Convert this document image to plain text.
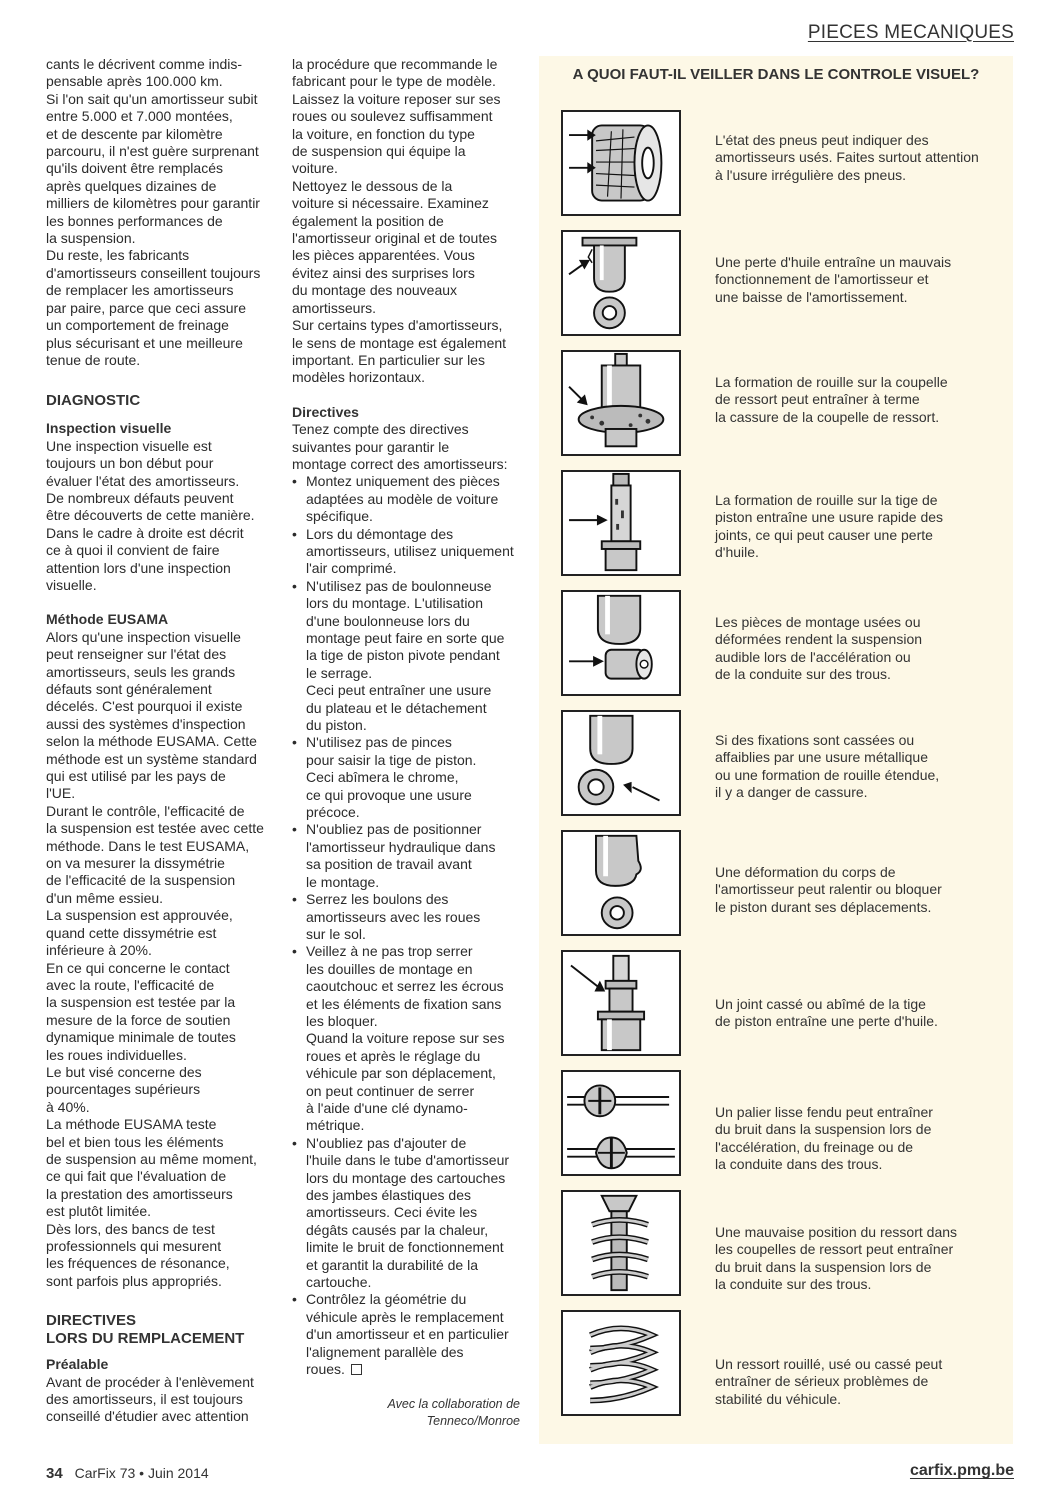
PIECES MECANIQUES
cants le décrivent comme indis-
pensable après 100.000 km.
Si l'on sait qu'un amortisseur subit
entre 5.000 et 7.000 montées,
et de descente par kilomètre
parcouru, il n'est guère surprenant
qu'ils doivent être remplacés
après quelques dizaines de
milliers de kilomètres pour garantir
les bonnes performances de
la suspension.
Du reste, les fabricants
d'amortisseurs conseillent toujours
de remplacer les amortisseurs
par paire, parce que ceci assure
un comportement de freinage
plus sécurisant et une meilleure
tenue de route.
DIAGNOSTIC
Inspection visuelle
Une inspection visuelle est
toujours un bon début pour
évaluer l'état des amortisseurs.
De nombreux défauts peuvent
être découverts de cette manière.
Dans le cadre à droite est décrit
ce à quoi il convient de faire
attention lors d'une inspection
visuelle.
Méthode EUSAMA
Alors qu'une inspection visuelle
peut renseigner sur l'état des
amortisseurs, seuls les grands
défauts sont généralement
décelés. C'est pourquoi il existe
aussi des systèmes d'inspection
selon la méthode EUSAMA. Cette
méthode est un système standard
qui est utilisé par les pays de
l'UE.
Durant le contrôle, l'efficacité de
la suspension est testée avec cette
méthode. Dans le test EUSAMA,
on va mesurer la dissymétrie
de l'efficacité de la suspension
d'un même essieu.
La suspension est approuvée,
quand cette dissymétrie est
inférieure à 20%.
En ce qui concerne le contact
avec la route, l'efficacité de
la suspension est testée par la
mesure de la force de soutien
dynamique minimale de toutes
les roues individuelles.
Le but visé concerne des
pourcentages supérieurs
à 40%.
La méthode EUSAMA teste
bel et bien tous les éléments
de suspension au même moment,
ce qui fait que l'évaluation de
la prestation des amortisseurs
est plutôt limitée.
Dès lors, des bancs de test
professionnels qui mesurent
les fréquences de résonance,
sont parfois plus appropriés.
DIRECTIVES
LORS DU REMPLACEMENT
Préalable
Avant de procéder à l'enlèvement
des amortisseurs, il est toujours
conseillé d'étudier avec attention
la procédure que recommande le
fabricant pour le type de modèle.
Laissez la voiture reposer sur ses
roues ou soulevez suffisamment
la voiture, en fonction du type
de suspension qui équipe la
voiture.
Nettoyez le dessous de la
voiture si nécessaire. Examinez
également la position de
l'amortisseur original et de toutes
les pièces apparentées. Vous
évitez ainsi des surprises lors
du montage des nouveaux
amortisseurs.
Sur certains types d'amortisseurs,
le sens de montage est également
important. En particulier sur les
modèles horizontaux.
Directives
Tenez compte des directives
suivantes pour garantir le
montage correct des amortisseurs:
• Montez uniquement des pièces
adaptées au modèle de voiture
spécifique.
• Lors du démontage des
amortisseurs, utilisez uniquement
l'air comprimé.
• N'utilisez pas de boulonneuse
lors du montage. L'utilisation
d'une boulonneuse lors du
montage peut faire en sorte que
la tige de piston pivote pendant
le serrage.
Ceci peut entraîner une usure
du plateau et le détachement
du piston.
• N'utilisez pas de pinces
pour saisir la tige de piston.
Ceci abîmera le chrome,
ce qui provoque une usure
précoce.
• N'oubliez pas de positionner
l'amortisseur hydraulique dans
sa position de travail avant
le montage.
• Serrez les boulons des
amortisseurs avec les roues
sur le sol.
• Veillez à ne pas trop serrer
les douilles de montage en
caoutchouc et serrez les écrous
et les éléments de fixation sans
les bloquer.
Quand la voiture repose sur ses
roues et après le réglage du
véhicule par son déplacement,
on peut continuer de serrer
à l'aide d'une clé dynamo-
métrique.
• N'oubliez pas d'ajouter de
l'huile dans le tube d'amortisseur
lors du montage des cartouches
des jambes élastiques des
amortisseurs. Ceci évite les
dégâts causés par la chaleur,
limite le bruit de fonctionnement
et garantit la durabilité de la
cartouche.
• Contrôlez la géométrie du
véhicule après le remplacement
d'un amortisseur et en particulier
l'alignement parallèle des
roues.
Avec la collaboration de
Tenneco/Monroe
A QUOI FAUT-IL VEILLER DANS LE CONTROLE VISUEL?
L'état des pneus peut indiquer des
amortisseurs usés. Faites surtout attention
à l'usure irrégulière des pneus.
Une perte d'huile entraîne un mauvais
fonctionnement de l'amortisseur et
une baisse de l'amortissement.
La formation de rouille sur la coupelle
de ressort peut entraîner à terme
la cassure de la coupelle de ressort.
La formation de rouille sur la tige de
piston entraîne une usure rapide des
joints, ce qui peut causer une perte
d'huile.
Les pièces de montage usées ou
déformées rendent la suspension
audible lors de l'accélération ou
de la conduite sur des trous.
Si des fixations sont cassées ou
affaiblies par une usure métallique
ou une formation de rouille étendue,
il y a danger de cassure.
Une déformation du corps de
l'amortisseur peut ralentir ou bloquer
le piston durant ses déplacements.
Un joint cassé ou abîmé de la tige
de piston entraîne une perte d'huile.
Un palier lisse fendu peut entraîner
du bruit dans la suspension lors de
l'accélération, du freinage ou de
la conduite dans des trous.
Une mauvaise position du ressort dans
les coupelles de ressort peut entraîner
du bruit dans la suspension lors de
la conduite sur des trous.
Un ressort rouillé, usé ou cassé peut
entraîner de sérieux problèmes de
stabilité du véhicule.
34 CarFix 73 • Juin 2014	carfix.pmg.be
